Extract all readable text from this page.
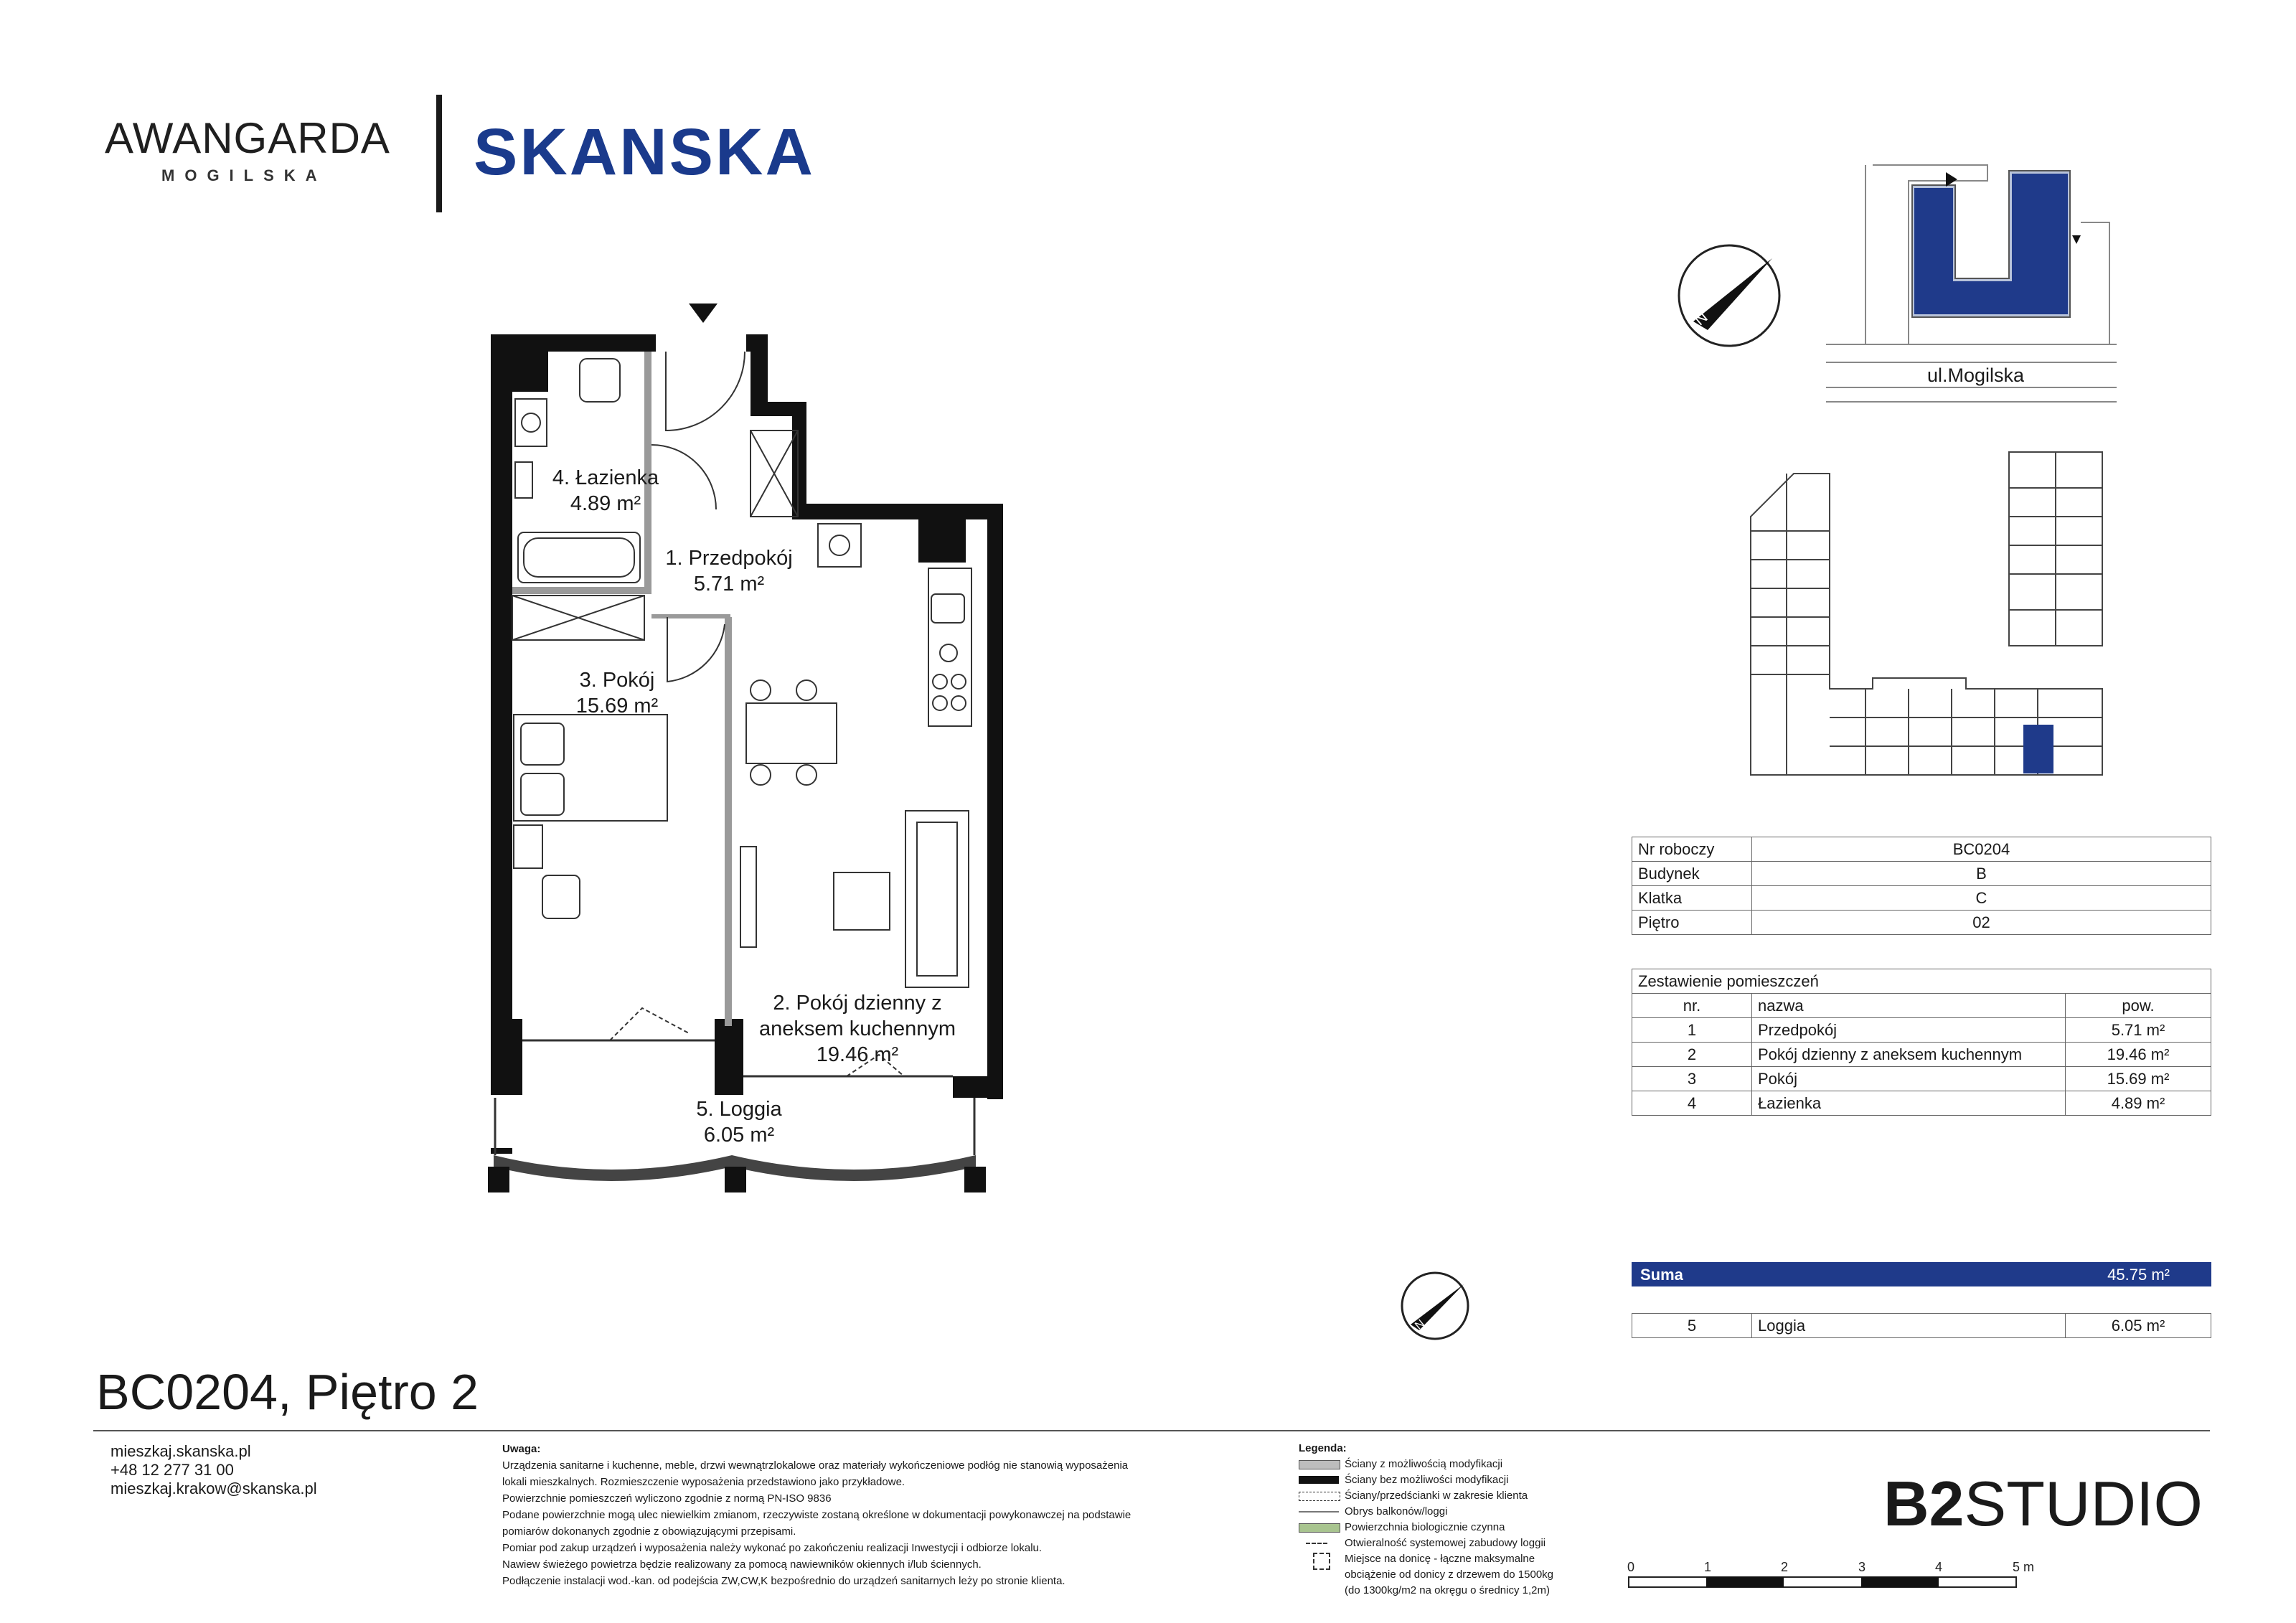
AWANGARDA
MOGILSKA SKANSKA
4. Łazienka
4.89 m²
1. Przedpokój
5.71 m²
3. Pokój
15.69 m²
2. Pokój dzienny z
aneksem kuchennym
19.46 m²
5. Loggia
6.05 m²
N
ul.Mogilska
N
Nr roboczy	BC0204
Budynek	B
Klatka	C
Piętro	02
Zestawienie pomieszczeń		
nr.	nazwa	pow.
1	Przedpokój	5.71 m²
2	Pokój dzienny z aneksem kuchennym	19.46 m²
3	Pokój	15.69 m²
4	Łazienka	4.89 m²
Suma	45.75 m²
5	Loggia	6.05 m²
BC0204, Piętro 2
mieszkaj.skanska.pl
+48 12 277 31 00
mieszkaj.krakow@skanska.pl
Uwaga:
Urządzenia sanitarne i kuchenne, meble, drzwi wewnątrzlokalowe oraz materiały wykończeniowe podłóg nie stanowią wyposażenia
lokali mieszkalnych. Rozmieszczenie wyposażenia przedstawiono jako przykładowe.
Powierzchnie pomieszczeń wyliczono zgodnie z normą PN-ISO 9836
Podane powierzchnie mogą ulec niewielkim zmianom, rzeczywiste zostaną określone w dokumentacji powykonawczej na podstawie
pomiarów dokonanych zgodnie z obowiązującymi przepisami.
Pomiar pod zakup urządzeń i wyposażenia należy wykonać po zakończeniu realizacji Inwestycji i odbiorze lokalu.
Nawiew świeżego powietrza będzie realizowany za pomocą nawiewników okiennych i/lub ściennych.
Podłączenie instalacji wod.-kan. od podejścia ZW,CW,K bezpośrednio do urządzeń sanitarnych leży po stronie klienta.
Legenda:
Ściany z możliwością modyfikacji
Ściany bez możliwości modyfikacji
Ściany/przedścianki w zakresie klienta
Obrys balkonów/loggi
Powierzchnia biologicznie czynna
Otwieralność systemowej zabudowy loggii
Miejsce na donicę - łączne maksymalne
obciążenie od donicy z drzewem do 1500kg
(do 1300kg/m2 na okręgu o średnicy 1,2m)
B2STUDIO
0	1	2	3	4	5 m
